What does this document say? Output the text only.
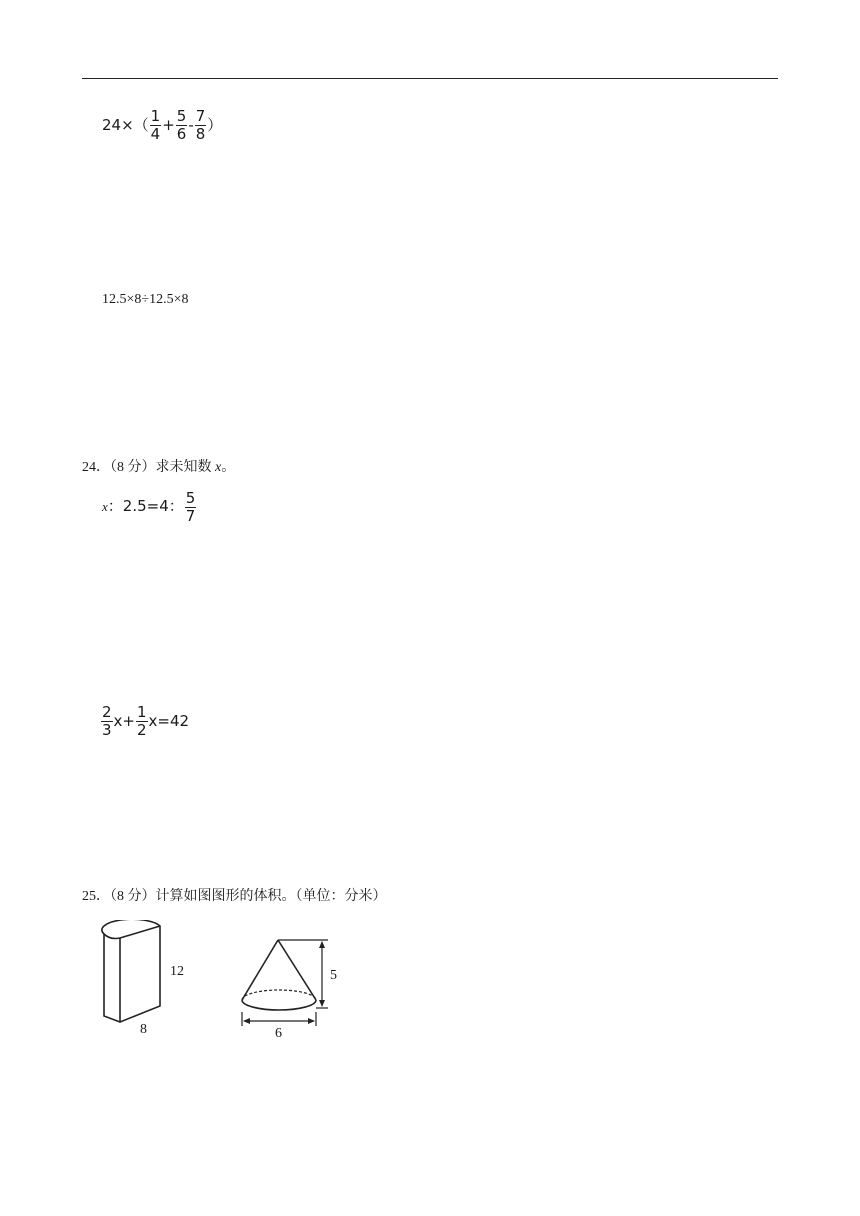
$24\times( \frac{1}{4} + \frac{5}{6} - \frac{7}{8}$ ）
12.5×8÷12.5×8
24．（8 分）求未知数 x。
x：2.5=4： $\frac{5}{7}$
$\frac{2}{3} x+ \frac{1}{2} x=42$
25．（8 分）计算如图图形的体积。（单位：分米）
12
8
5
6
